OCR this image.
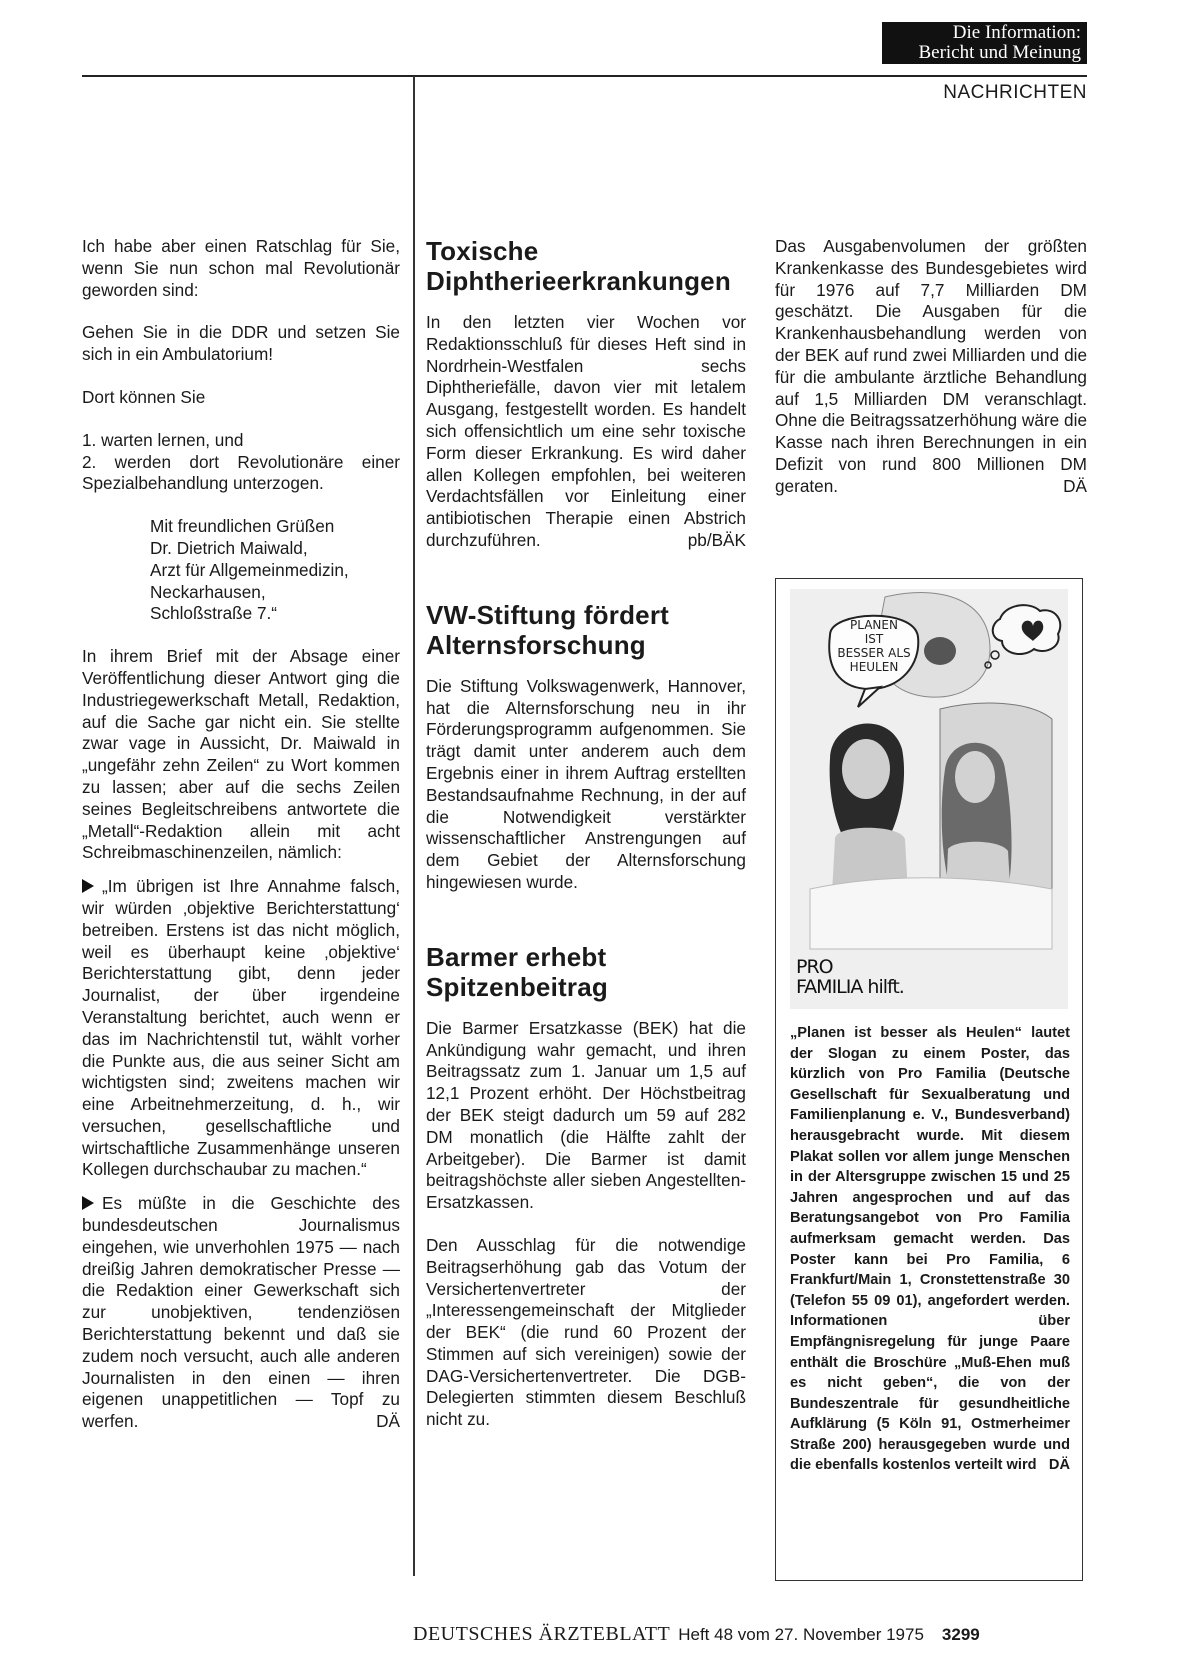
Die Information:
Bericht und Meinung
NACHRICHTEN

Ich habe aber einen Ratschlag für Sie, wenn Sie nun schon mal Revolutionär geworden sind:

Gehen Sie in die DDR und setzen Sie sich in ein Ambulatorium!

Dort können Sie

1. warten lernen, und

2. werden dort Revolutionäre einer Spezialbehandlung unterzogen.

Mit freundlichen Grüßen

Dr. Dietrich Maiwald,

Arzt für Allgemeinmedizin,

Neckarhausen,

Schloßstraße 7.“

In ihrem Brief mit der Absage einer Veröffentlichung dieser Antwort ging die Industriegewerkschaft Metall, Redaktion, auf die Sache gar nicht ein. Sie stellte zwar vage in Aussicht, Dr. Maiwald in „ungefähr zehn Zeilen“ zu Wort kommen zu lassen; aber auf die sechs Zeilen seines Begleitschreibens antwortete die „Metall“-Redaktion allein mit acht Schreibmaschinenzeilen, nämlich:

„Im übrigen ist Ihre Annahme falsch, wir würden ‚objektive Berichterstattung‘ betreiben. Erstens ist das nicht möglich, weil es überhaupt keine ‚objektive‘ Berichterstattung gibt, denn jeder Journalist, der über irgendeine Veranstaltung berichtet, auch wenn er das im Nachrichtenstil tut, wählt vorher die Punkte aus, die aus seiner Sicht am wichtigsten sind; zweitens machen wir eine Arbeitnehmerzeitung, d. h., wir versuchen, gesellschaftliche und wirtschaftliche Zusammenhänge unseren Kollegen durchschaubar zu machen.“

Es müßte in die Geschichte des bundesdeutschen Journalismus eingehen, wie unverhohlen 1975 — nach dreißig Jahren demokratischer Presse — die Redaktion einer Gewerkschaft sich zur unobjektiven, tendenziösen Berichterstattung bekennt und daß sie zudem noch versucht, auch alle anderen Journalisten in den einen — ihren eigenen unappetitlichen — Topf zu werfen.	DÄ

Toxische Diphtherieerkrankungen

In den letzten vier Wochen vor Redaktionsschluß für dieses Heft sind in Nordrhein-Westfalen sechs Diphtheriefälle, davon vier mit letalem Ausgang, festgestellt worden. Es handelt sich offensichtlich um eine sehr toxische Form dieser Erkrankung. Es wird daher allen Kollegen empfohlen, bei weiteren Verdachtsfällen vor Einleitung einer antibiotischen Therapie einen Abstrich durchzuführen.	pb/BÄK

VW-Stiftung fördert Alternsforschung

Die Stiftung Volkswagenwerk, Hannover, hat die Alternsforschung neu in ihr Förderungsprogramm aufgenommen. Sie trägt damit unter anderem auch dem Ergebnis einer in ihrem Auftrag erstellten Bestandsaufnahme Rechnung, in der auf die Notwendigkeit verstärkter wissenschaftlicher Anstrengungen auf dem Gebiet der Alternsforschung hingewiesen wurde.

Barmer erhebt Spitzenbeitrag

Die Barmer Ersatzkasse (BEK) hat die Ankündigung wahr gemacht, und ihren Beitragssatz zum 1. Januar um 1,5 auf 12,1 Prozent erhöht. Der Höchstbeitrag der BEK steigt dadurch um 59 auf 282 DM monatlich (die Hälfte zahlt der Arbeitgeber). Die Barmer ist damit beitragshöchste aller sieben Angestellten-Ersatzkassen.

Den Ausschlag für die notwendige Beitragserhöhung gab das Votum der Versichertenvertreter der „Interessengemeinschaft der Mitglieder der BEK“ (die rund 60 Prozent der Stimmen auf sich vereinigen) sowie der DAG-Versichertenvertreter. Die DGB-Delegierten stimmten diesem Beschluß nicht zu.

Das Ausgabenvolumen der größten Krankenkasse des Bundesgebietes wird für 1976 auf 7,7 Milliarden DM geschätzt. Die Ausgaben für die Krankenhausbehandlung werden von der BEK auf rund zwei Milliarden und die für die ambulante ärztliche Behandlung auf 1,5 Milliarden DM veranschlagt. Ohne die Beitragssatzerhöhung wäre die Kasse nach ihren Berechnungen in ein Defizit von rund 800 Millionen DM geraten.	DÄ

PLANEN
IST
BESSER ALS
HEULEN
PRO
FAMILIA hilft.
„Planen ist besser als Heulen“ lautet der Slogan zu einem Poster, das kürzlich von Pro Familia (Deutsche Gesellschaft für Sexualberatung und Familienplanung e. V., Bundesverband) herausgebracht wurde. Mit diesem Plakat sollen vor allem junge Menschen in der Altersgruppe zwischen 15 und 25 Jahren angesprochen und auf das Beratungsangebot von Pro Familia aufmerksam gemacht werden. Das Poster kann bei Pro Familia, 6 Frankfurt/Main 1, Cronstettenstraße 30 (Telefon 55 09 01), angefordert werden. Informationen über Empfängnisregelung für junge Paare enthält die Broschüre „Muß-Ehen muß es nicht geben“, die von der Bundeszentrale für gesundheitliche Aufklärung (5 Köln 91, Ostmerheimer Straße 200) herausgegeben wurde und die ebenfalls kostenlos verteilt wird DÄ
DEUTSCHES ÄRZTEBLATT Heft 48 vom 27. November 1975 3299
